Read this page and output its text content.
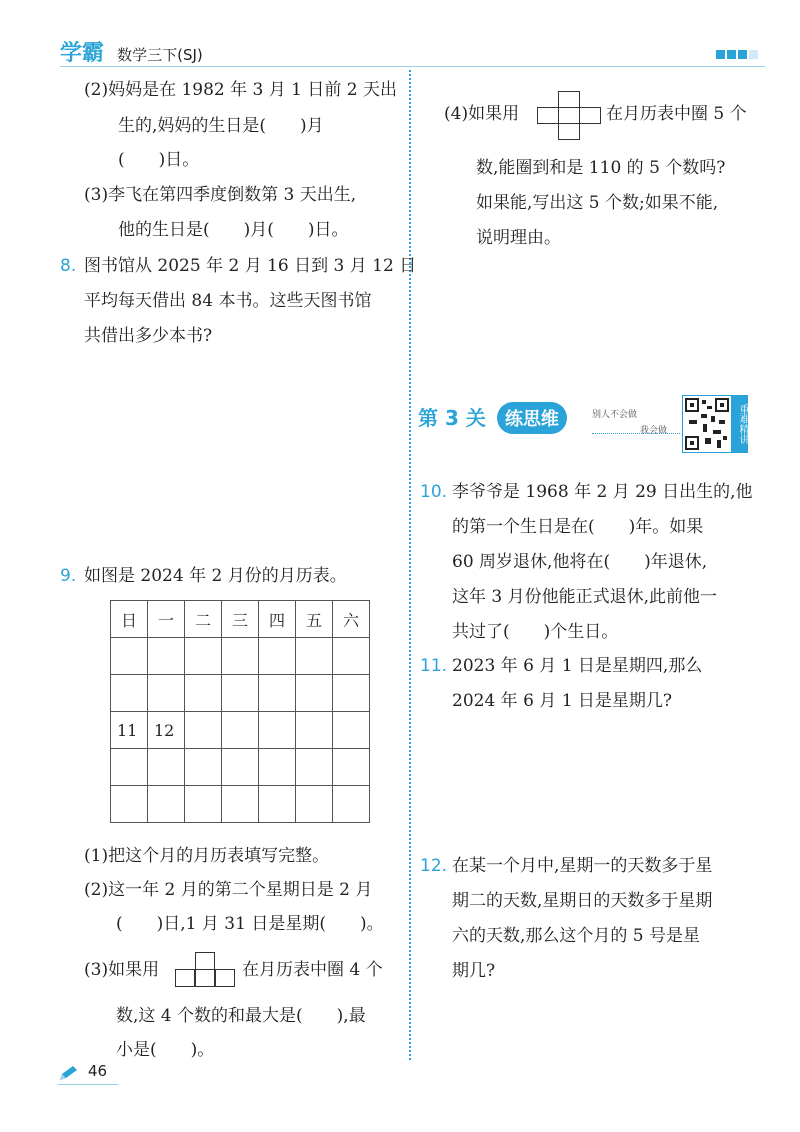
学霸 数学三下(SJ)
(2)妈妈是在 1982 年 3 月 1 日前 2 天出
生的,妈妈的生日是(　　)月
(　　)日。
(3)李飞在第四季度倒数第 3 天出生,
他的生日是(　　)月(　　)日。
8. 图书馆从 2025 年 2 月 16 日到 3 月 12 日
平均每天借出 84 本书。这些天图书馆
共借出多少本书?
9. 如图是 2024 年 2 月份的月历表。
日	一	二	三	四	五	六

11	12					

(1)把这个月的月历表填写完整。
(2)这一年 2 月的第二个星期日是 2 月
(　　)日,1 月 31 日是星期(　　)。
(3)如果用	在月历表中圈 4 个
数,这 4 个数的和最大是(　　),最
小是(　　)。
46
(4)如果用	在月历表中圈 5 个
数,能圈到和是 110 的 5 个数吗?
如果能,写出这 5 个数;如果不能,
说明理由。
第 3 关 练思维	别人不会做
我会做	重难精讲
10. 李爷爷是 1968 年 2 月 29 日出生的,他
的第一个生日是在(　　)年。如果
60 周岁退休,他将在(　　)年退休,
这年 3 月份他能正式退休,此前他一
共过了(　　)个生日。
11. 2023 年 6 月 1 日是星期四,那么
2024 年 6 月 1 日是星期几?
12. 在某一个月中,星期一的天数多于星
期二的天数,星期日的天数多于星期
六的天数,那么这个月的 5 号是星
期几?
